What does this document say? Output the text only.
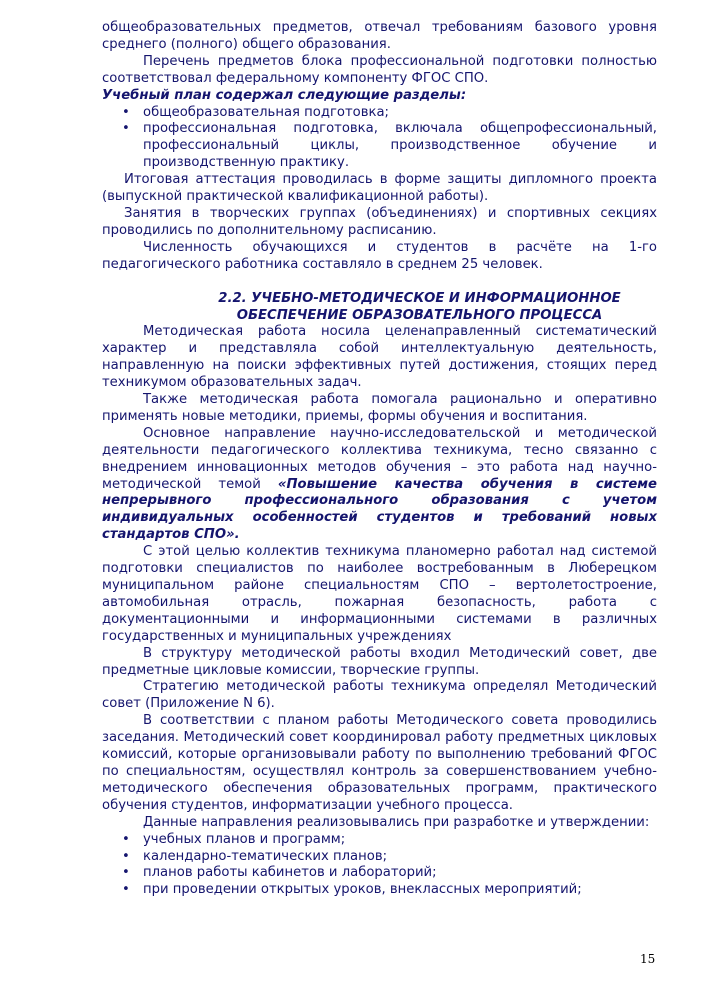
общеобразовательных предметов, отвечал требованиям базового уровня среднего (полного) общего образования.

Перечень предметов блока профессиональной подготовки полностью соответствовал федеральному компоненту ФГОС СПО.

Учебный план содержал следующие разделы:

• общеобразовательная подготовка;
• профессиональная подготовка, включала общепрофессиональный, профессиональный циклы, производственное обучение и производственную практику.

Итоговая аттестация проводилась в форме защиты дипломного проекта (выпускной практической квалификационной работы).

Занятия в творческих группах (объединениях) и спортивных секциях проводились по дополнительному расписанию.

Численность обучающихся и студентов в расчёте на 1-го педагогического работника составляло в среднем 25 человек.

2.2. УЧЕБНО-МЕТОДИЧЕСКОЕ И ИНФОРМАЦИОННОЕ
ОБЕСПЕЧЕНИЕ ОБРАЗОВАТЕЛЬНОГО ПРОЦЕССА

Методическая работа носила целенаправленный систематический характер и представляла собой интеллектуальную деятельность, направленную на поиски эффективных путей достижения, стоящих перед техникумом образовательных задач.

Также методическая работа помогала рационально и оперативно применять новые методики, приемы, формы обучения и воспитания.

Основное направление научно-исследовательской и методической деятельности педагогического коллектива техникума, тесно связанно с внедрением инновационных методов обучения – это работа над научно-методической темой «Повышение качества обучения в системе непрерывного профессионального образования с учетом индивидуальных особенностей студентов и требований новых стандартов СПО».

С этой целью коллектив техникума планомерно работал над системой подготовки специалистов по наиболее востребованным в Люберецком муниципальном районе специальностям СПО – вертолетостроение, автомобильная отрасль, пожарная безопасность, работа с документационными и информационными системами в различных государственных и муниципальных учреждениях

В структуру методической работы входил Методический совет, две предметные цикловые комиссии, творческие группы.

Стратегию методической работы техникума определял Методический совет (Приложение N 6).

В соответствии с планом работы Методического совета проводились заседания. Методический совет координировал работу предметных цикловых комиссий, которые организовывали работу по выполнению требований ФГОС по специальностям, осуществлял контроль за совершенствованием учебно-методического обеспечения образовательных программ, практического обучения студентов, информатизации учебного процесса.

Данные направления реализовывались при разработке и утверждении:

• учебных планов и программ;
• календарно-тематических планов;
• планов работы кабинетов и лабораторий;
• при проведении открытых уроков, внеклассных мероприятий;
15
